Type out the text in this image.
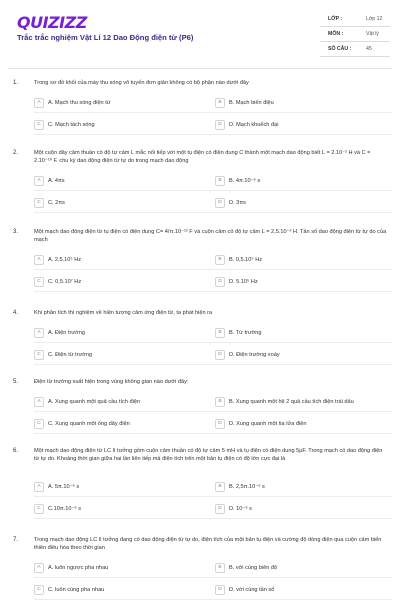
QUIZIZZ
Trắc trắc nghiệm Vật Lí 12 Dao Động điện từ (P6)
LỚP :	Lớp 12
MÔN :	Vật lý
SỐ CÂU :	45
1.	Trong sơ đồ khối của máy thu sóng vô tuyến đơn giản không có bộ phận nào dưới đây
A	A. Mạch thu sóng điện từ	B	B. Mạch biến điệu
C	C. Mạch tách sóng	D	D. Mạch khuếch đại
2.	Một cuộn dây cảm thuần có độ tự cảm L mắc nối tiếp với một tụ điện có điện dung C thành một mạch dao động biết L = 2.10⁻² H và C = 2.10⁻¹⁰ F. chu kỳ dao động điện từ tự do trong mạch dao động
A	A. 4πs	B	B. 4π.10⁻⁶ s
C	C. 2πs	D	D. 3πs
3.	Một mạch dao động điện từ tụ điện có điện dung C= 4/π.10⁻¹² F và cuộn cảm có độ tự cảm L = 2,5.10⁻³ H. Tần số dao động điện từ tự do của mạch
A	A. 2,5.10⁵ Hz	B	B. 0,5.10⁵ Hz
C	C. 0,5.10⁷ Hz	D	D. 5.10⁵ Hz
4.	Khi phân tích thí nghiệm về hiện tượng cảm ứng điện từ, ta phát hiện ra
A	A. Điện trường	B	B. Từ trường
C	C. Điện từ trường	D	D. Điện trường xoáy
5.	Điện từ trường xuất hiện trong vùng không gian nào dưới đây:
A	A. Xung quanh một quả cầu tích điện	B	B. Xung quanh một hệ 2 quả cầu tích điện trái dấu
C	C. Xung quanh một ống dây điện	D	D. Xung quanh một tia lửa điện
6.	Một mạch dao động điện từ LC lí tưởng gồm cuộn cảm thuần có độ tự cảm 5 mH và tụ điện có điện dung 5μF. Trong mạch có dao động điện từ tự do. Khoảng thời gian giữa hai lần liên tiếp mà điện tích trên một bản tụ điện có độ lớn cực đại là
A	A. 5π.10⁻⁶ s	B	B. 2,5π.10⁻⁶ s
C	C.10π.10⁻⁶ s	D	D. 10⁻⁶ s
7.	Trong mạch dao động LC lí tưởng đang có dao động điện từ tự do, điện tích của một bản tụ điện và cường độ dòng điện qua cuộn cảm biến thiên điều hòa theo thời gian
A	A. luôn ngược pha nhau	B	B. với cùng biên độ
C	C. luôn cùng pha nhau	D	D. với cùng tần số
